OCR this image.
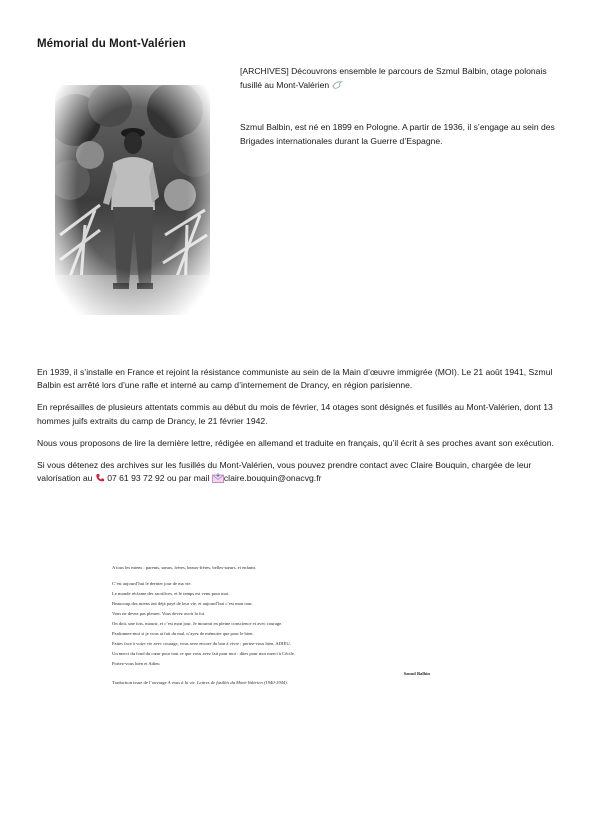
Mémorial du Mont-Valérien

[ARCHIVES] Découvrons ensemble le parcours de Szmul Balbin, otage polonais fusillé au Mont-Valérien

Szmul Balbin, est né en 1899 en Pologne. A partir de 1936, il s’engage au sein des Brigades internationales durant la Guerre d’Espagne.

En 1939, il s’installe en France et rejoint la résistance communiste au sein de la Main d’œuvre immigrée (MOI). Le 21 août 1941, Szmul Balbin est arrêté lors d’une rafle et interné au camp d’internement de Drancy, en région parisienne.

En représailles de plusieurs attentats commis au début du mois de février, 14 otages sont désignés et fusillés au Mont-Valérien, dont 13 hommes juifs extraits du camp de Drancy, le 21 février 1942.

Nous vous proposons de lire la dernière lettre, rédigée en allemand et traduite en français, qu’il écrit à ses proches avant son exécution.

Si vous détenez des archives sur les fusillés du Mont-Valérien, vous pouvez prendre contact avec Claire Bouquin, chargée de leur valorisation au 07 61 93 72 92 ou par mail claire.bouquin@onacvg.fr

A tous les miens : parents, sœurs, frères, beaux-frères, belles-sœurs, et enfants
C’est aujourd’hui le dernier jour de ma vie.
Le monde réclame des sacrifices, et le temps est venu pour moi.
Beaucoup des miens ont déjà payé de leur vie, et aujourd’hui c’est mon tour.
Vous ne devez pas pleurer. Vous devez avoir la foi.
On doit, une fois, mourir, et c’est mon jour. Je mourrai en pleine conscience et avec courage.
Pardonnez-moi si je vous ai fait du mal, n’ayez de mémoire que pour le bien.
Faites face à votre vie avec courage, vous avez encore du bon à vivre ; portez-vous bien, ADIEU.
Un merci du fond du cœur pour tout ce que vous avez fait pour moi : dites pour moi merci à Cécile.
Portez-vous bien et Adieu
Szmul Balbin
Traduction issue de l’ouvrage A vous à la vie. Lettres de fusillés du Mont-Valérien (1940-1944).
